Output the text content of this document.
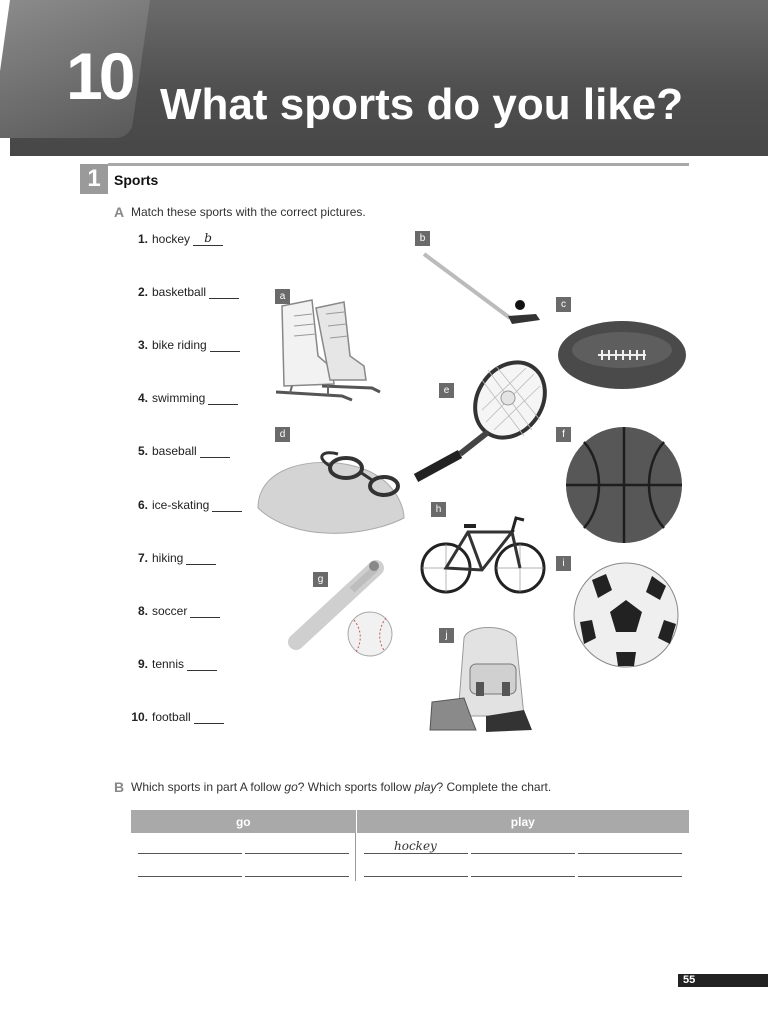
10 What sports do you like?
1 Sports
A Match these sports with the correct pictures.
1. hockey b
2. basketball
3. bike riding
4. swimming
5. baseball
6. ice-skating
7. hiking
8. soccer
9. tennis
10. football
a
b
c
d
e
f
g
h
i
j
B Which sports in part A follow go? Which sports follow play? Complete the chart.
go	play
hockey
55
